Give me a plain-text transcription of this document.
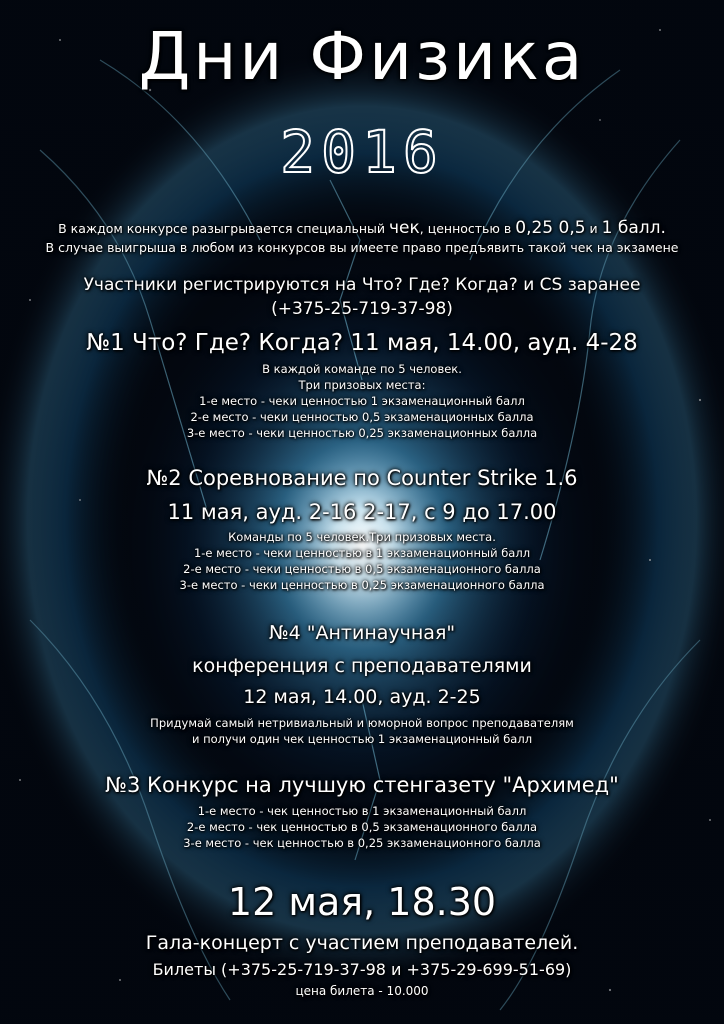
Дни Физика
2016
В каждом конкурсе разыгрывается специальный чек, ценностью в 0,25 0,5 и 1 балл.
В случае выигрыша в любом из конкурсов вы имеете право предъявить такой чек на экзамене
Участники регистрируются на Что? Где? Когда? и CS заранее
(+375-25-719-37-98)
№1 Что? Где? Когда? 11 мая, 14.00, ауд. 4-28
В каждой команде по 5 человек.
Три призовых места:
1-е место - чеки ценностью 1 экзаменационный балл
2-е место - чеки ценностью 0,5 экзаменационных балла
3-е место - чеки ценностью 0,25 экзаменационных балла
№2 Соревнование по Counter Strike 1.6
11 мая, ауд. 2-16 2-17, с 9 до 17.00
Команды по 5 человек.Три призовых места.
1-е место - чеки ценностью в 1 экзаменационный балл
2-е место - чеки ценностью в 0,5 экзаменационного балла
3-е место - чеки ценностью в 0,25 экзаменационного балла
№4 "Антинаучная"
конференция с преподавателями
12 мая, 14.00, ауд. 2-25
Придумай самый нетривиальный и юморной вопрос преподавателям
и получи один чек ценностью 1 экзаменационный балл
№3 Конкурс на лучшую стенгазету "Архимед"
1-е место - чек ценностью в 1 экзаменационный балл
2-е место - чек ценностью в 0,5 экзаменационного балла
3-е место - чек ценностью в 0,25 экзаменационного балла
12 мая, 18.30
Гала-концерт с участием преподавателей.
Билеты (+375-25-719-37-98 и +375-29-699-51-69)
цена билета - 10.000
